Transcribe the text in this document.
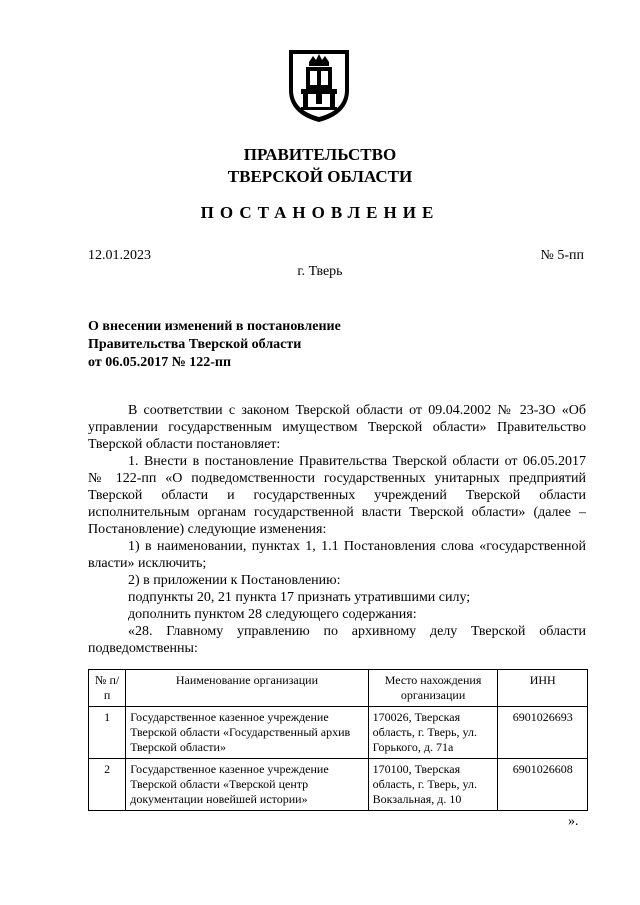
ПРАВИТЕЛЬСТВО
ТВЕРСКОЙ ОБЛАСТИ
ПОСТАНОВЛЕНИЕ
12.01.2023	№ 5-пп
г. Тверь
О внесении изменений в постановление
Правительства Тверской области
от 06.05.2017 № 122-пп

В соответствии с законом Тверской области от 09.04.2002 № 23-ЗО «Об управлении государственным имуществом Тверской области» Правительство Тверской области постановляет:

1. Внести в постановление Правительства Тверской области от 06.05.2017 № 122-пп «О подведомственности государственных унитарных предприятий Тверской области и государственных учреждений Тверской области исполнительным органам государственной власти Тверской области» (далее – Постановление) следующие изменения:

1) в наименовании, пунктах 1, 1.1 Постановления слова «государственной власти» исключить;

2) в приложении к Постановлению:

подпункты 20, 21 пункта 17 признать утратившими силу;

дополнить пунктом 28 следующего содержания:

«28. Главному управлению по архивному делу Тверской области подведомственны:

№ п/п	Наименование организации	Место нахождения организации	ИНН
1	Государственное казенное учреждение Тверской области «Государственный архив Тверской области»	170026, Тверская область, г. Тверь, ул. Горького, д. 71а	6901026693
2	Государственное казенное учреждение Тверской области «Тверской центр документации новейшей истории»	170100, Тверская область, г. Тверь, ул. Вокзальная, д. 10	6901026608
».
